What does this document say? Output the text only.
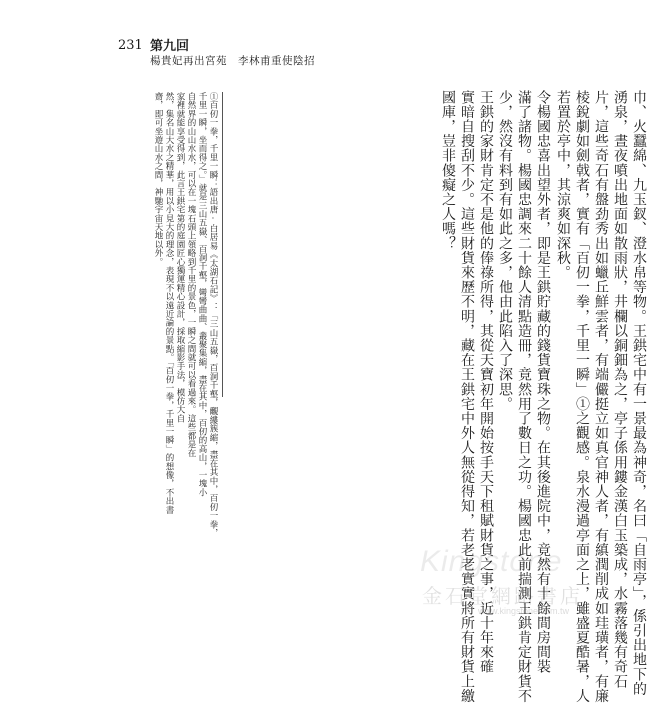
231 第九回
楊貴妃再出宮苑　李林甫重使陰招
巾、火蠶綿、九玉釵、澄水帛等物。王鉷宅中有一景最為神奇，名曰「自雨亭」，係引出地下的
湧泉，晝夜噴出地面如散雨狀，井欄以銅鈿為之，亭子係用鏤金漢白玉築成，水霧落幾有奇石
片，這些奇石有盤劲秀出如蠟丘鮮雲者，有端儼挺立如真官神人者，有縝潤削成如珪璜者，有廉
棱銳劇如劍戟者，實有「百仞一拳，千里一瞬」①之觀感。泉水漫過亭面之上，雖盛夏酷暑，人
若置於亭中，其涼爽如深秋。
令楊國忠喜出望外者，即是王鉷貯藏的錢貨寶珠之物。在其後進院中，竟然有十餘間房間裝
滿了諸物。楊國忠調來二十餘人清點造冊，竟然用了數日之功。楊國忠此前揣測王鉷肯定財貨不
少，然沒有料到有如此之多，他由此陷入了深思。
王鉷的家財肯定不是他的俸祿所得，其從天寶初年開始按手天下租賦財貨之事，近十年來確
實暗自搜刮不少。這些財貨來歷不明，藏在王鉷宅中外人無從得知，若老老實實將所有財貨上繳
國庫，豈非傻癡之人嗎？
①百仞一拳，千里一瞬：語出唐·白居易《太湖石記》：「三山五嶽，百洞千壑，覼縷簇縮，盡在其中，百仞一拳，
千里一瞬，坐而得之。」就是三山五嶽、百洞千壑，彎彎曲曲、叢聚集縮，盡在其中，百仞的高山，一塊小
自然界的山山水水，可以在一塊石頭上領略到千里的景色，一瞬之間就可以看過來。這些都是在
家裡就能享受得到，此言王鉷宅第的庭園匠心獨運精心設計，採取縮影手法，模仿大自
然，集名山大水之精華，用以小見大的理念，表現不以遠近論的景點。「百仞一拳，千里一瞬」的想像，不出書
齋，即可坐遊山水之間，神馳宇宙天地以外。
Kingstone
金石堂網路書店
www.kingstone.com.tw
